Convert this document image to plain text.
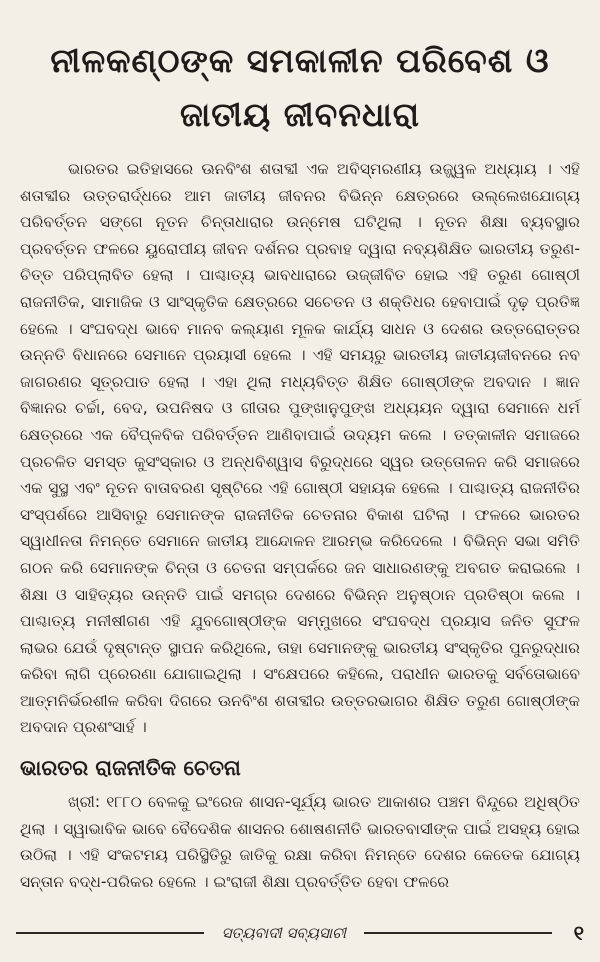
ନୀଳକଣ୍ଠଙ୍କ ସମକାଳୀନ ପରିବେଶ ଓ ଜାତୀୟ ଜୀବନଧାରା

ଭାରତର ଇତିହାସରେ ଊନବିଂଶ ଶତାବ୍ଦୀ ଏକ ଅବିସ୍ମରଣୀୟ ଉଜ୍ଜ୍ୱଳ ଅଧ୍ୟାୟ । ଏହି ଶତାବ୍ଦୀର ଉତ୍ତରାର୍ଦ୍ଧରେ ଆମ ଜାତୀୟ ଜୀବନର ବିଭିନ୍ନ କ୍ଷେତ୍ରରେ ଉଲ୍ଲେଖଯୋଗ୍ୟ ପରିବର୍ତ୍ତନ ସଙ୍ଗେ ନୂତନ ଚିନ୍ତାଧାରାର ଉନ୍ମେଷ ଘଟିଥିଲା । ନୂତନ ଶିକ୍ଷା ବ୍ୟବସ୍ଥାର ପ୍ରବର୍ତ୍ତନ ଫଳରେ ୟୁରୋପୀୟ ଜୀବନ ଦର୍ଶନର ପ୍ରବାହ ଦ୍ୱାରା ନବ୍ୟଶିକ୍ଷିତ ଭାରତୀୟ ତରୁଣ-ଚିତ୍ତ ପରିପ୍ଲାବିତ ହେଲା । ପାଶ୍ଚାତ୍ୟ ଭାବଧାରାରେ ଉଜ୍ଜୀବିତ ହୋଇ ଏହି ତରୁଣ ଗୋଷ୍ଠୀ ରାଜନୀତିକ, ସାମାଜିକ ଓ ସାଂସ୍କୃତିକ କ୍ଷେତ୍ରରେ ସଚେତନ ଓ ଶକ୍ତିଧର ହେବାପାଇଁ ଦୃଢ଼ ପ୍ରତିଜ୍ଞ ହେଲେ । ସଂଘବଦ୍ଧ ଭାବେ ମାନବ କଲ୍ୟାଣ ମୂଳକ କାର୍ଯ୍ୟ ସାଧନ ଓ ଦେଶର ଉତ୍ତରୋତ୍ତର ଉନ୍ନତି ବିଧାନରେ ସେମାନେ ପ୍ରୟାସୀ ହେଲେ । ଏହି ସମୟରୁ ଭାରତୀୟ ଜାତୀୟଜୀବନରେ ନବ ଜାଗରଣର ସୂତ୍ରପାତ ହେଲା । ଏହା ଥିଲା ମଧ୍ୟବିତ୍ତ ଶିକ୍ଷିତ ଗୋଷ୍ଠୀଙ୍କ ଅବଦାନ । ଜ୍ଞାନ ବିଜ୍ଞାନର ଚର୍ଚ୍ଚା, ବେଦ, ଉପନିଷଦ ଓ ଗୀତାର ପୁଙ୍ଖାନୁପୁଙ୍ଖ ଅଧ୍ୟୟନ ଦ୍ୱାରା ସେମାନେ ଧର୍ମ କ୍ଷେତ୍ରରେ ଏକ ବୈପ୍ଳବିକ ପରିବର୍ତ୍ତନ ଆଣିବାପାଇଁ ଉଦ୍ୟମ କଲେ । ତତ୍କାଳୀନ ସମାଜରେ ପ୍ରଚଳିତ ସମସ୍ତ କୁସଂସ୍କାର ଓ ଅନ୍ଧବିଶ୍ୱାସ ବିରୁଦ୍ଧରେ ସ୍ୱର ଉତ୍ତୋଳନ କରି ସମାଜରେ ଏକ ସୁସ୍ଥ ଏବଂ ନୂତନ ବାତାବରଣ ସୃଷ୍ଟିରେ ଏହି ଗୋଷ୍ଠୀ ସହାୟକ ହେଲେ । ପାଶ୍ଚାତ୍ୟ ରାଜନୀତିର ସଂସ୍ପର୍ଶରେ ଆସିବାରୁ ସେମାନଙ୍କ ରାଜନୀତିକ ଚେତନାର ବିକାଶ ଘଟିଲା । ଫଳରେ ଭାରତର ସ୍ୱାଧୀନତା ନିମନ୍ତେ ସେମାନେ ଜାତୀୟ ଆନ୍ଦୋଳନ ଆରମ୍ଭ କରିଦେଲେ । ବିଭିନ୍ନ ସଭା ସମିତି ଗଠନ କରି ସେମାନଙ୍କ ଚିନ୍ତା ଓ ଚେତନା ସମ୍ପର୍କରେ ଜନ ସାଧାରଣଙ୍କୁ ଅବଗତ କରାଇଲେ । ଶିକ୍ଷା ଓ ସାହିତ୍ୟର ଉନ୍ନତି ପାଇଁ ସମଗ୍ର ଦେଶରେ ବିଭିନ୍ନ ଅନୁଷ୍ଠାନ ପ୍ରତିଷ୍ଠା କଲେ । ପାଶ୍ଚାତ୍ୟ ମନୀଷୀଗଣ ଏହି ଯୁବଗୋଷ୍ଠୀଙ୍କ ସମ୍ମୁଖରେ ସଂଘବଦ୍ଧ ପ୍ରୟାସ ଜନିତ ସୁଫଳ ଲାଭର ଯେଉଁ ଦୃଷ୍ଟାନ୍ତ ସ୍ଥାପନ କରିଥିଲେ, ତାହା ସେମାନଙ୍କୁ ଭାରତୀୟ ସଂସ୍କୃତିର ପୁନରୁଦ୍ଧାର କରିବା ଲାଗି ପ୍ରେରଣା ଯୋଗାଇଥିଲା । ସଂକ୍ଷେପରେ କହିଲେ, ପରାଧୀନ ଭାରତକୁ ସର୍ବତୋଭାବେ ଆତ୍ମନିର୍ଭରଶୀଳ କରିବା ଦିଗରେ ଊନବିଂଶ ଶତାବ୍ଦୀର ଉତ୍ତରଭାଗର ଶିକ୍ଷିତ ତରୁଣ ଗୋଷ୍ଠୀଙ୍କ ଅବଦାନ ପ୍ରଶଂସାର୍ହ ।

ଭାରତର ରାଜନୀତିକ ଚେତନା

ଖ୍ରୀ: ୧୮୮୦ ବେଳକୁ ଇଂରେଜ ଶାସନ-ସୂର୍ଯ୍ୟ ଭାରତ ଆକାଶର ପଞ୍ଚମ ବିନ୍ଦୁରେ ଅଧିଷ୍ଠିତ ଥିଲା । ସ୍ୱାଭାବିକ ଭାବେ ବୈଦେଶିକ ଶାସନର ଶୋଷଣନୀତି ଭାରତବାସୀଙ୍କ ପାଇଁ ଅସହ୍ୟ ହୋଇ ଉଠିଲା । ଏହି ସଂକଟମୟ ପରିସ୍ଥିତିରୁ ଜାତିକୁ ରକ୍ଷା କରିବା ନିମନ୍ତେ ଦେଶର କେତେକ ଯୋଗ୍ୟ ସନ୍ତାନ ବଦ୍ଧ-ପରିକର ହେଲେ । ଇଂରାଜୀ ଶିକ୍ଷା ପ୍ରବର୍ତ୍ତିତ ହେବା ଫଳରେ

ସତ୍ୟବାଦୀ ସବ୍ୟସାଚୀ	୧
